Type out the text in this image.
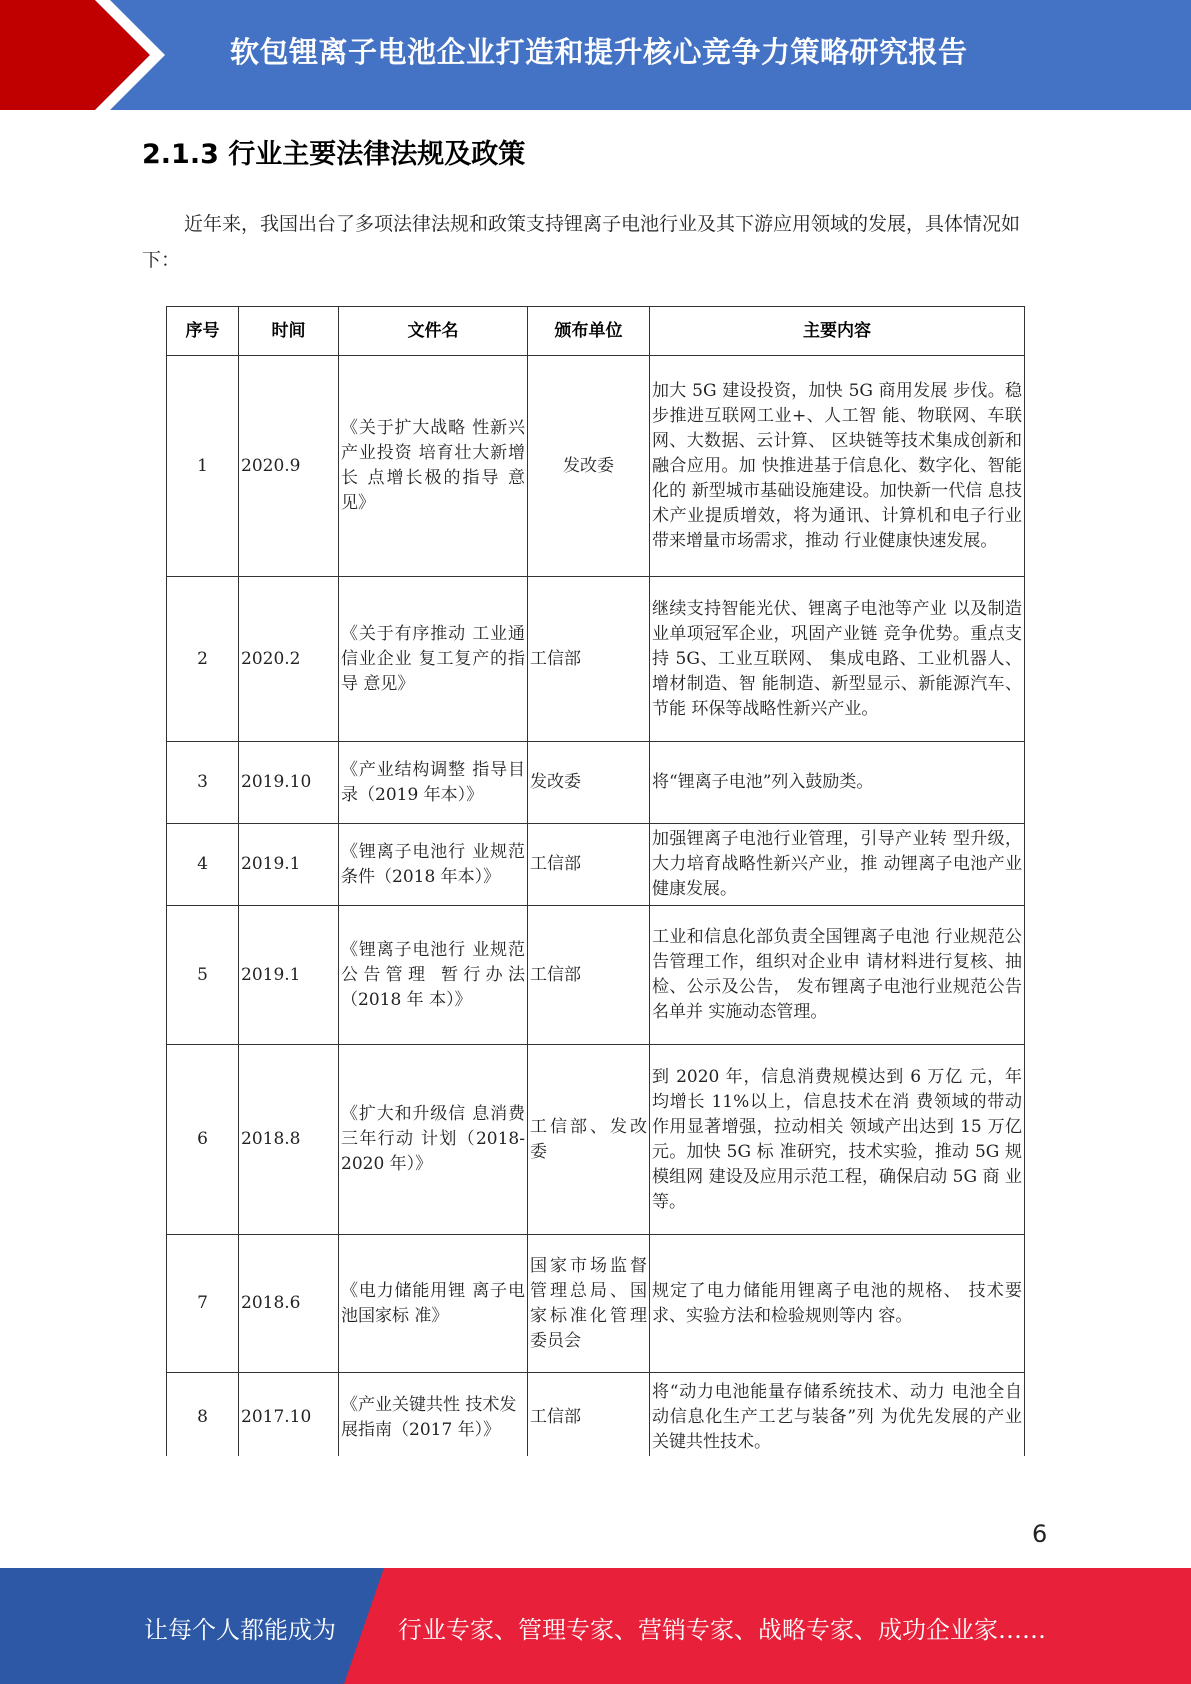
软包锂离子电池企业打造和提升核心竞争力策略研究报告
2.1.3 行业主要法律法规及政策
近年来，我国出台了多项法律法规和政策支持锂离子电池行业及其下游应用领域的发展，具体情况如下：
序号	时间	文件名	颁布单位	主要内容
1	2020.9	《关于扩大战略 性新兴产业投资 培育壮大新增长 点增长极的指导 意见》	发改委	加大 5G 建设投资，加快 5G 商用发展 步伐。稳步推进互联网工业+、人工智 能、物联网、车联网、大数据、云计算、 区块链等技术集成创新和融合应用。加 快推进基于信息化、数字化、智能化的 新型城市基础设施建设。加快新一代信 息技术产业提质增效，将为通讯、计算机和电子行业带来增量市场需求，推动 行业健康快速发展。
2	2020.2	《关于有序推动 工业通信业企业 复工复产的指导 意见》	工信部	继续支持智能光伏、锂离子电池等产业 以及制造业单项冠军企业，巩固产业链 竞争优势。重点支持 5G、工业互联网、 集成电路、工业机器人、增材制造、智 能制造、新型显示、新能源汽车、节能 环保等战略性新兴产业。
3	2019.10	《产业结构调整 指导目录（2019 年本）》	发改委	将“锂离子电池”列入鼓励类。
4	2019.1	《锂离子电池行 业规范条件（2018 年本）》	工信部	加强锂离子电池行业管理，引导产业转 型升级，大力培育战略性新兴产业，推 动锂离子电池产业健康发展。
5	2019.1	《锂离子电池行 业规范公告管理 暂行办法（2018 年 本）》	工信部	工业和信息化部负责全国锂离子电池 行业规范公告管理工作，组织对企业申 请材料进行复核、抽检、公示及公告， 发布锂离子电池行业规范公告名单并 实施动态管理。
6	2018.8	《扩大和升级信 息消费三年行动 计划（2018-2020 年）》	工信部、发改委	到 2020 年，信息消费规模达到 6 万亿 元，年均增长 11%以上，信息技术在消 费领域的带动作用显著增强，拉动相关 领域产出达到 15 万亿元。加快 5G 标 准研究，技术实验，推动 5G 规模组网 建设及应用示范工程，确保启动 5G 商 业等。
7	2018.6	《电力储能用锂 离子电池国家标 准》	国家市场监督管理总局、国家标准化管理委员会	规定了电力储能用锂离子电池的规格、 技术要求、实验方法和检验规则等内 容。
8	2017.10	《产业关键共性 技术发展指南（2017 年）》	工信部	将“动力电池能量存储系统技术、动力 电池全自动信息化生产工艺与装备”列 为优先发展的产业关键共性技术。
6
让每个人都能成为	行业专家、管理专家、营销专家、战略专家、成功企业家……
